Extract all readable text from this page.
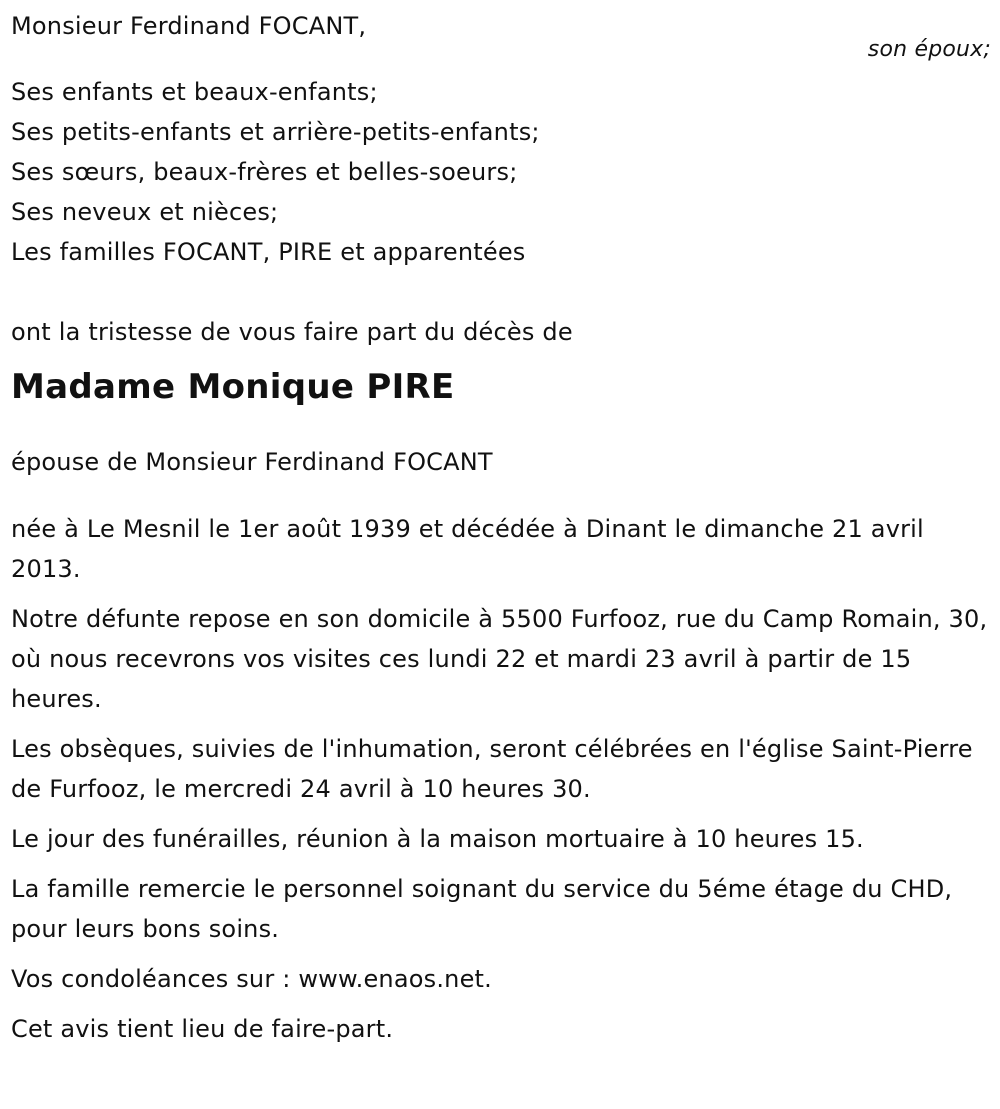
Monsieur Ferdinand FOCANT,
son époux;
Ses enfants et beaux-enfants;
Ses petits-enfants et arrière-petits-enfants;
Ses sœurs, beaux-frères et belles-soeurs;
Ses neveux et nièces;
Les familles FOCANT, PIRE et apparentées
ont la tristesse de vous faire part du décès de
Madame Monique PIRE
épouse de Monsieur Ferdinand FOCANT
née à Le Mesnil le 1er août 1939 et décédée à Dinant le dimanche 21 avril 2013.
Notre défunte repose en son domicile à 5500 Furfooz, rue du Camp Romain, 30, où nous recevrons vos visites ces lundi 22 et mardi 23 avril à partir de 15 heures.
Les obsèques, suivies de l'inhumation, seront célébrées en l'église Saint-Pierre de Furfooz, le mercredi 24 avril à 10 heures 30.
Le jour des funérailles, réunion à la maison mortuaire à 10 heures 15.
La famille remercie le personnel soignant du service du 5éme étage du CHD, pour leurs bons soins.
Vos condoléances sur : www.enaos.net.
Cet avis tient lieu de faire-part.
